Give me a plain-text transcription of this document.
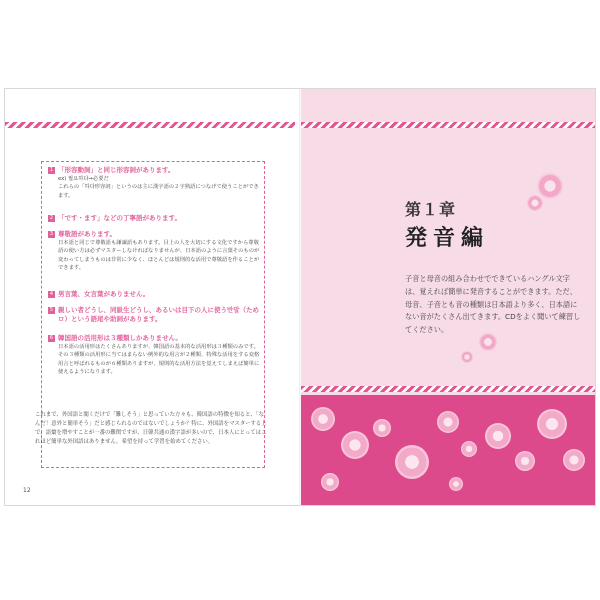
1 「形容動詞」と同じ形容詞があります。
ex) 필요하다→必要だ
これらの「하다形容詞」というのは主に漢字語の２字熟語につなげて使うことができます。
2 「です・ます」などの丁寧語があります。
3 尊敬語があります。
日本語と同じで尊敬語も謙譲語もあります。目上の人を大切にする文化ですから尊敬語の使い方は必ずマスターしなければなりませんが、日本語のように言葉そのものが変わってしまうものは非常に少なく、ほとんどは規則的な活用で尊敬語を作ることができます。
4 男言葉、女言葉がありません。
5 親しい者どうし、同級生どうし、あるいは目下の人に使う반말（ためロ）という語尾や助詞があります。
6 韓国語の活用形は３種類しかありません。
日本語の活用形はたくさんありますが、韓国語の基本的な活用形は３種類のみです。その３種類の活用形に当てはまらない例外的な用言が２種類、特殊な活用をする変格用言と呼ばれるものが６種類ありますが、規則的な活用方法を覚えてしまえば簡単に使えるようになります。
これまで、外国語と聞くだけで「難しそう」と思っていた方々も、韓国語の特徴を知ると、「なんだ！意外と簡単そう」だと感じられるのではないでしょうか？特に、外国語をマスターする上で、語彙を増やすことが一番の難関ですが、日韓共通の漢字語が多いので、日本人にとってはこれほど簡単な外国語はありません。希望を持って学習を始めてください。
12
第１章
発音編
子音と母音の組み合わせでできているハングル文字は、覚えれば簡単に発音することができます。ただ、母音、子音とも音の種類は日本語より多く、日本語にない音がたくさん出てきます。CDをよく聞いて練習してください。
